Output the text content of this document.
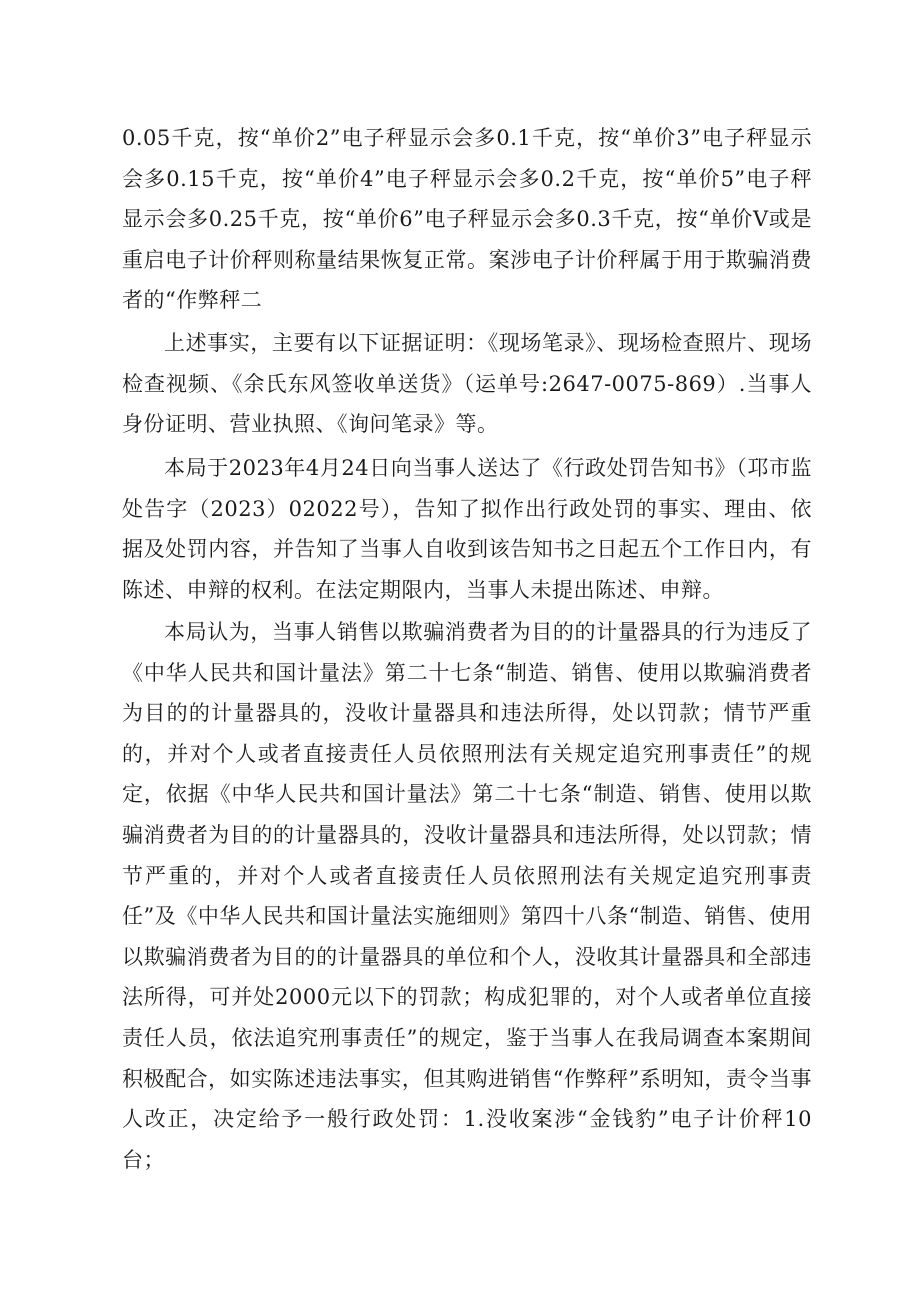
0.05千克，按“单价2”电子秤显示会多0.1千克，按“单价3”电子秤显示会多0.15千克，按“单价4”电子秤显示会多0.2千克，按“单价5”电子秤显示会多0.25千克，按“单价6”电子秤显示会多0.3千克，按“单价V或是重启电子计价秤则称量结果恢复正常。案涉电子计价秤属于用于欺骗消费者的“作弊秤二

上述事实，主要有以下证据证明：《现场笔录》、现场检查照片、现场检查视频、《余氏东风签收单送货》（运单号:2647-0075-869）.当事人身份证明、营业执照、《询问笔录》等。

本局于2023年4月24日向当事人送达了《行政处罚告知书》（邛市监处告字（2023）02022号），告知了拟作出行政处罚的事实、理由、依据及处罚内容，并告知了当事人自收到该告知书之日起五个工作日内，有陈述、申辩的权利。在法定期限内，当事人未提出陈述、申辩。

本局认为，当事人销售以欺骗消费者为目的的计量器具的行为违反了《中华人民共和国计量法》第二十七条“制造、销售、使用以欺骗消费者为目的的计量器具的，没收计量器具和违法所得，处以罚款；情节严重的，并对个人或者直接责任人员依照刑法有关规定追究刑事责任”的规定，依据《中华人民共和国计量法》第二十七条“制造、销售、使用以欺骗消费者为目的的计量器具的，没收计量器具和违法所得，处以罚款；情节严重的，并对个人或者直接责任人员依照刑法有关规定追究刑事责任”及《中华人民共和国计量法实施细则》第四十八条“制造、销售、使用以欺骗消费者为目的的计量器具的单位和个人，没收其计量器具和全部违法所得，可并处2000元以下的罚款；构成犯罪的，对个人或者单位直接责任人员，依法追究刑事责任”的规定，鉴于当事人在我局调查本案期间积极配合，如实陈述违法事实，但其购进销售“作弊秤”系明知，责令当事人改正，决定给予一般行政处罚：1.没收案涉“金钱豹”电子计价秤10台；
